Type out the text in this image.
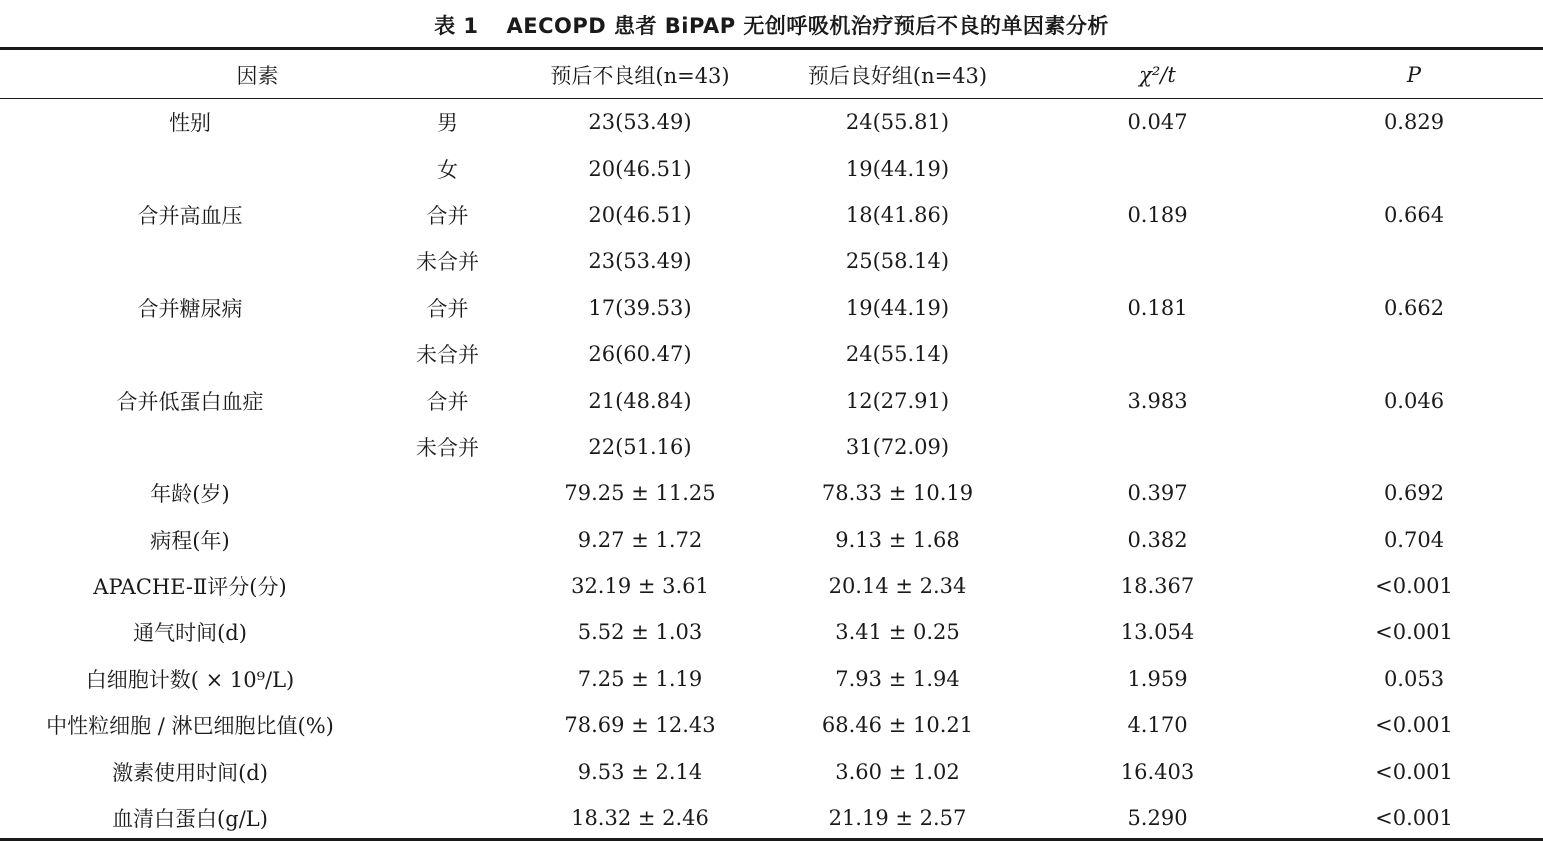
表 1 AECOPD 患者 BiPAP 无创呼吸机治疗预后不良的单因素分析
因素		预后不良组(n=43)	预后良好组(n=43)	χ²/t	P
性别	男	23(53.49)	24(55.81)	0.047	0.829
	女	20(46.51)	19(44.19)		
合并高血压	合并	20(46.51)	18(41.86)	0.189	0.664
	未合并	23(53.49)	25(58.14)		
合并糖尿病	合并	17(39.53)	19(44.19)	0.181	0.662
	未合并	26(60.47)	24(55.14)		
合并低蛋白血症	合并	21(48.84)	12(27.91)	3.983	0.046
	未合并	22(51.16)	31(72.09)		
年龄(岁)		79.25 ± 11.25	78.33 ± 10.19	0.397	0.692
病程(年)		9.27 ± 1.72	9.13 ± 1.68	0.382	0.704
APACHE-Ⅱ评分(分)		32.19 ± 3.61	20.14 ± 2.34	18.367	<0.001
通气时间(d)		5.52 ± 1.03	3.41 ± 0.25	13.054	<0.001
白细胞计数( × 10⁹/L)		7.25 ± 1.19	7.93 ± 1.94	1.959	0.053
中性粒细胞 / 淋巴细胞比值(%)		78.69 ± 12.43	68.46 ± 10.21	4.170	<0.001
激素使用时间(d)		9.53 ± 2.14	3.60 ± 1.02	16.403	<0.001
血清白蛋白(g/L)		18.32 ± 2.46	21.19 ± 2.57	5.290	<0.001
